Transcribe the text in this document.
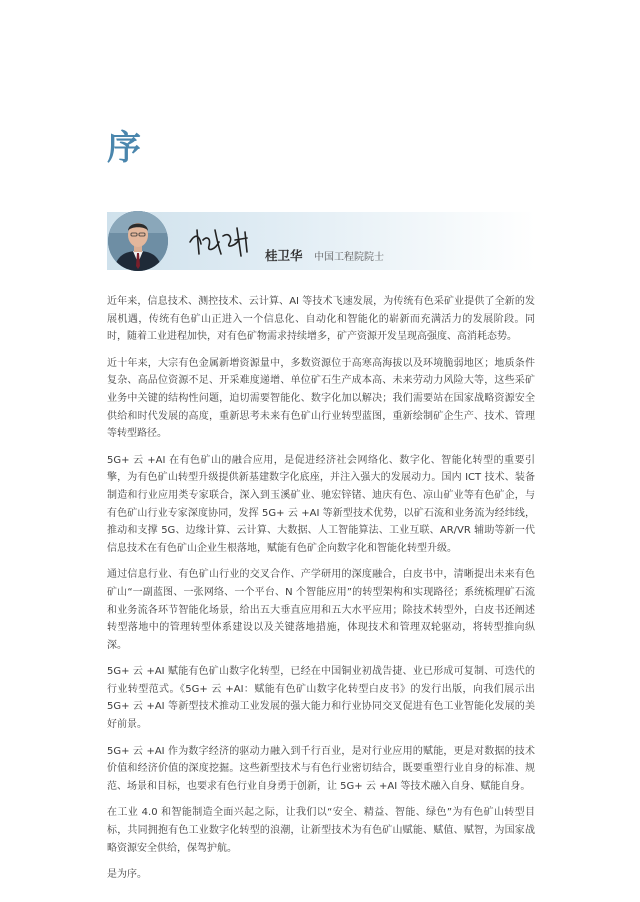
序
桂卫华 中国工程院院士

近年来，信息技术、测控技术、云计算、AI 等技术飞速发展，为传统有色采矿业提供了全新的发展机遇，传统有色矿山正进入一个信息化、自动化和智能化的崭新而充满活力的发展阶段。同时，随着工业进程加快，对有色矿物需求持续增多，矿产资源开发呈现高强度、高消耗态势。

近十年来，大宗有色金属新增资源量中，多数资源位于高寒高海拔以及环境脆弱地区；地质条件复杂、高品位资源不足、开采难度递增、单位矿石生产成本高、未来劳动力风险大等，这些采矿业务中关键的结构性问题，迫切需要智能化、数字化加以解决；我们需要站在国家战略资源安全供给和时代发展的高度，重新思考未来有色矿山行业转型蓝图，重新绘制矿企生产、技术、管理等转型路径。

5G+ 云 +AI 在有色矿山的融合应用，是促进经济社会网络化、数字化、智能化转型的重要引擎，为有色矿山转型升级提供新基建数字化底座，并注入强大的发展动力。国内 ICT 技术、装备制造和行业应用类专家联合，深入到玉溪矿业、驰宏锌锗、迪庆有色、凉山矿业等有色矿企，与有色矿山行业专家深度协同，发挥 5G+ 云 +AI 等新型技术优势，以矿石流和业务流为经纬线，推动和支撑 5G、边缘计算、云计算、大数据、人工智能算法、工业互联、AR/VR 辅助等新一代信息技术在有色矿山企业生根落地，赋能有色矿企向数字化和智能化转型升级。

通过信息行业、有色矿山行业的交叉合作、产学研用的深度融合，白皮书中，清晰提出未来有色矿山“一副蓝图、一张网络、一个平台、N 个智能应用”的转型架构和实现路径；系统梳理矿石流和业务流各环节智能化场景，给出五大垂直应用和五大水平应用；除技术转型外，白皮书还阐述转型落地中的管理转型体系建设以及关键落地措施，体现技术和管理双轮驱动，将转型推向纵深。

5G+ 云 +AI 赋能有色矿山数字化转型，已经在中国铜业初战告捷、业已形成可复制、可迭代的行业转型范式。《5G+ 云 +AI：赋能有色矿山数字化转型白皮书》的发行出版，向我们展示出 5G+ 云 +AI 等新型技术推动工业发展的强大能力和行业协同交叉促进有色工业智能化发展的美好前景。

5G+ 云 +AI 作为数字经济的驱动力融入到千行百业，是对行业应用的赋能，更是对数据的技术价值和经济价值的深度挖掘。这些新型技术与有色行业密切结合，既要重塑行业自身的标准、规范、场景和目标，也要求有色行业自身勇于创新，让 5G+ 云 +AI 等技术融入自身、赋能自身。

在工业 4.0 和智能制造全面兴起之际，让我们以“安全、精益、智能、绿色”为有色矿山转型目标，共同拥抱有色工业数字化转型的浪潮，让新型技术为有色矿山赋能、赋值、赋智，为国家战略资源安全供给，保驾护航。

是为序。
